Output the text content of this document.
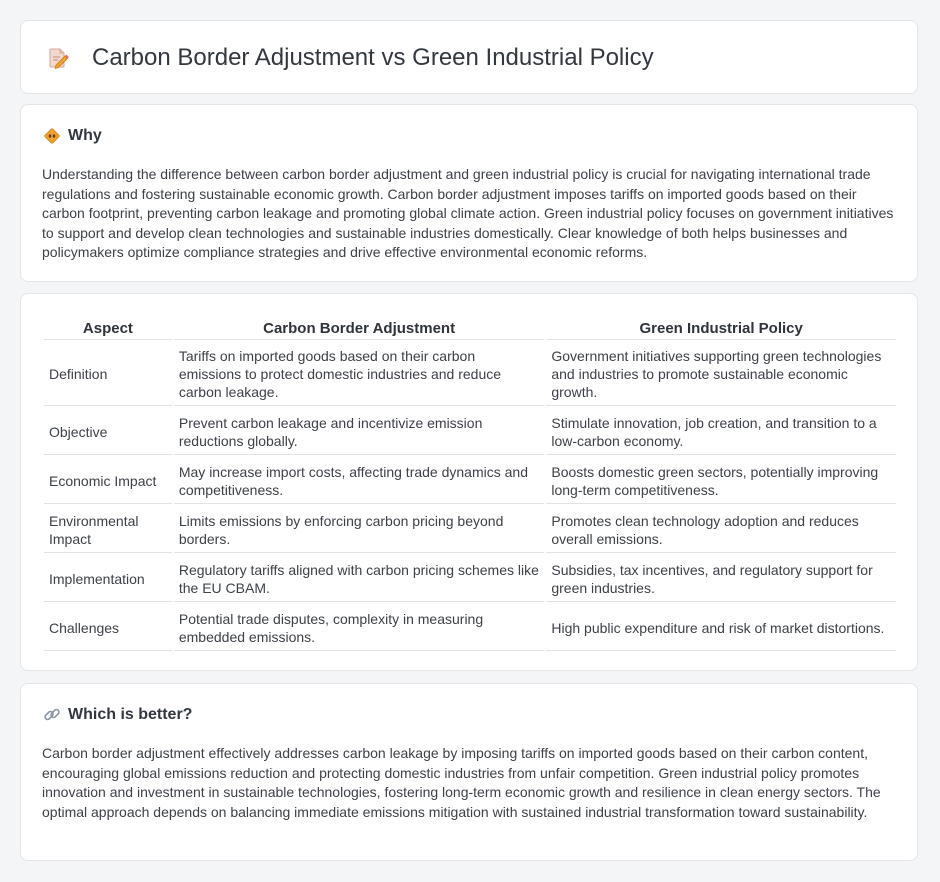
Carbon Border Adjustment vs Green Industrial Policy
Why

Understanding the difference between carbon border adjustment and green industrial policy is crucial for navigating international trade regulations and fostering sustainable economic growth. Carbon border adjustment imposes tariffs on imported goods based on their carbon footprint, preventing carbon leakage and promoting global climate action. Green industrial policy focuses on government initiatives to support and develop clean technologies and sustainable industries domestically. Clear knowledge of both helps businesses and policymakers optimize compliance strategies and drive effective environmental economic reforms.

Aspect	Carbon Border Adjustment	Green Industrial Policy
Definition	Tariffs on imported goods based on their carbon emissions to protect domestic industries and reduce carbon leakage.	Government initiatives supporting green technologies and industries to promote sustainable economic growth.
Objective	Prevent carbon leakage and incentivize emission reductions globally.	Stimulate innovation, job creation, and transition to a low-carbon economy.
Economic Impact	May increase import costs, affecting trade dynamics and competitiveness.	Boosts domestic green sectors, potentially improving long-term competitiveness.
Environmental Impact	Limits emissions by enforcing carbon pricing beyond borders.	Promotes clean technology adoption and reduces overall emissions.
Implementation	Regulatory tariffs aligned with carbon pricing schemes like the EU CBAM.	Subsidies, tax incentives, and regulatory support for green industries.
Challenges	Potential trade disputes, complexity in measuring embedded emissions.	High public expenditure and risk of market distortions.
Which is better?

Carbon border adjustment effectively addresses carbon leakage by imposing tariffs on imported goods based on their carbon content, encouraging global emissions reduction and protecting domestic industries from unfair competition. Green industrial policy promotes innovation and investment in sustainable technologies, fostering long-term economic growth and resilience in clean energy sectors. The optimal approach depends on balancing immediate emissions mitigation with sustained industrial transformation toward sustainability.
